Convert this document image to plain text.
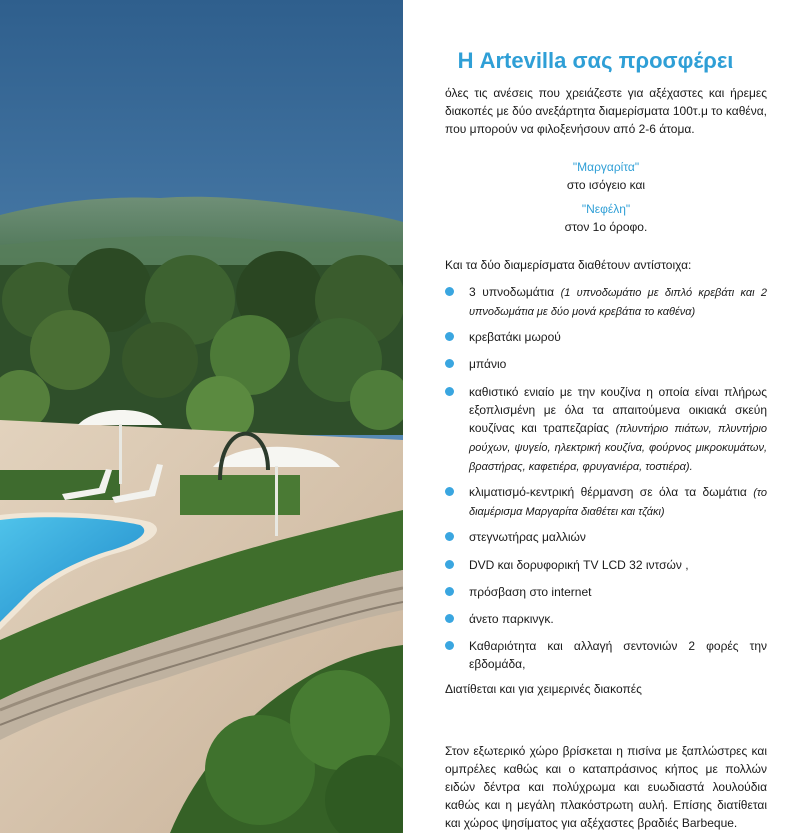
Η Artevilla σας προσφέρει

όλες τις ανέσεις που χρειάζεστε για αξέχαστες και ήρεμες διακοπές με δύο ανεξάρτητα διαμερίσματα 100τ.μ το καθένα, που μπορούν να φιλοξενήσουν από 2-6 άτομα.

"Μαργαρίτα"
στο ισόγειο και
"Νεφέλη"
στον 1ο όροφο.

Και τα δύο διαμερίσματα διαθέτουν αντίστοιχα:

3 υπνοδωμάτια (1 υπνοδωμάτιο με διπλό κρεβάτι και 2 υπνοδωμάτια με δύο μονά κρεβάτια το καθένα)
κρεβατάκι μωρού
μπάνιο
καθιστικό ενιαίο με την κουζίνα η οποία είναι πλήρως εξοπλισμένη με όλα τα απαιτούμενα οικιακά σκεύη κουζίνας και τραπεζαρίας (πλυντήριο πιάτων, πλυντήριο ρούχων, ψυγείο, ηλεκτρική κουζίνα, φούρνος μικροκυμάτων, βραστήρας, καφετιέρα, φρυγανιέρα, τοστιέρα).
κλιματισμό-κεντρική θέρμανση σε όλα τα δωμάτια (το διαμέρισμα Μαργαρίτα διαθέτει και τζάκι)
στεγνωτήρας μαλλιών
DVD και δορυφορική TV LCD 32 ιντσών ,
πρόσβαση στο internet
άνετο παρκινγκ.
Καθαριότητα και αλλαγή σεντονιών 2 φορές την εβδομάδα,

Διατίθεται και για χειμερινές διακοπές

Στον εξωτερικό χώρο βρίσκεται η πισίνα με ξαπλώστρες και ομπρέλες καθώς και ο καταπράσινος κήπος με πολλών ειδών δέντρα και πολύχρωμα και ευωδιαστά λουλούδια καθώς και η μεγάλη πλακόστρωτη αυλή. Επίσης διατίθεται και χώρος ψησίματος για αξέχαστες βραδιές Barbeque.
